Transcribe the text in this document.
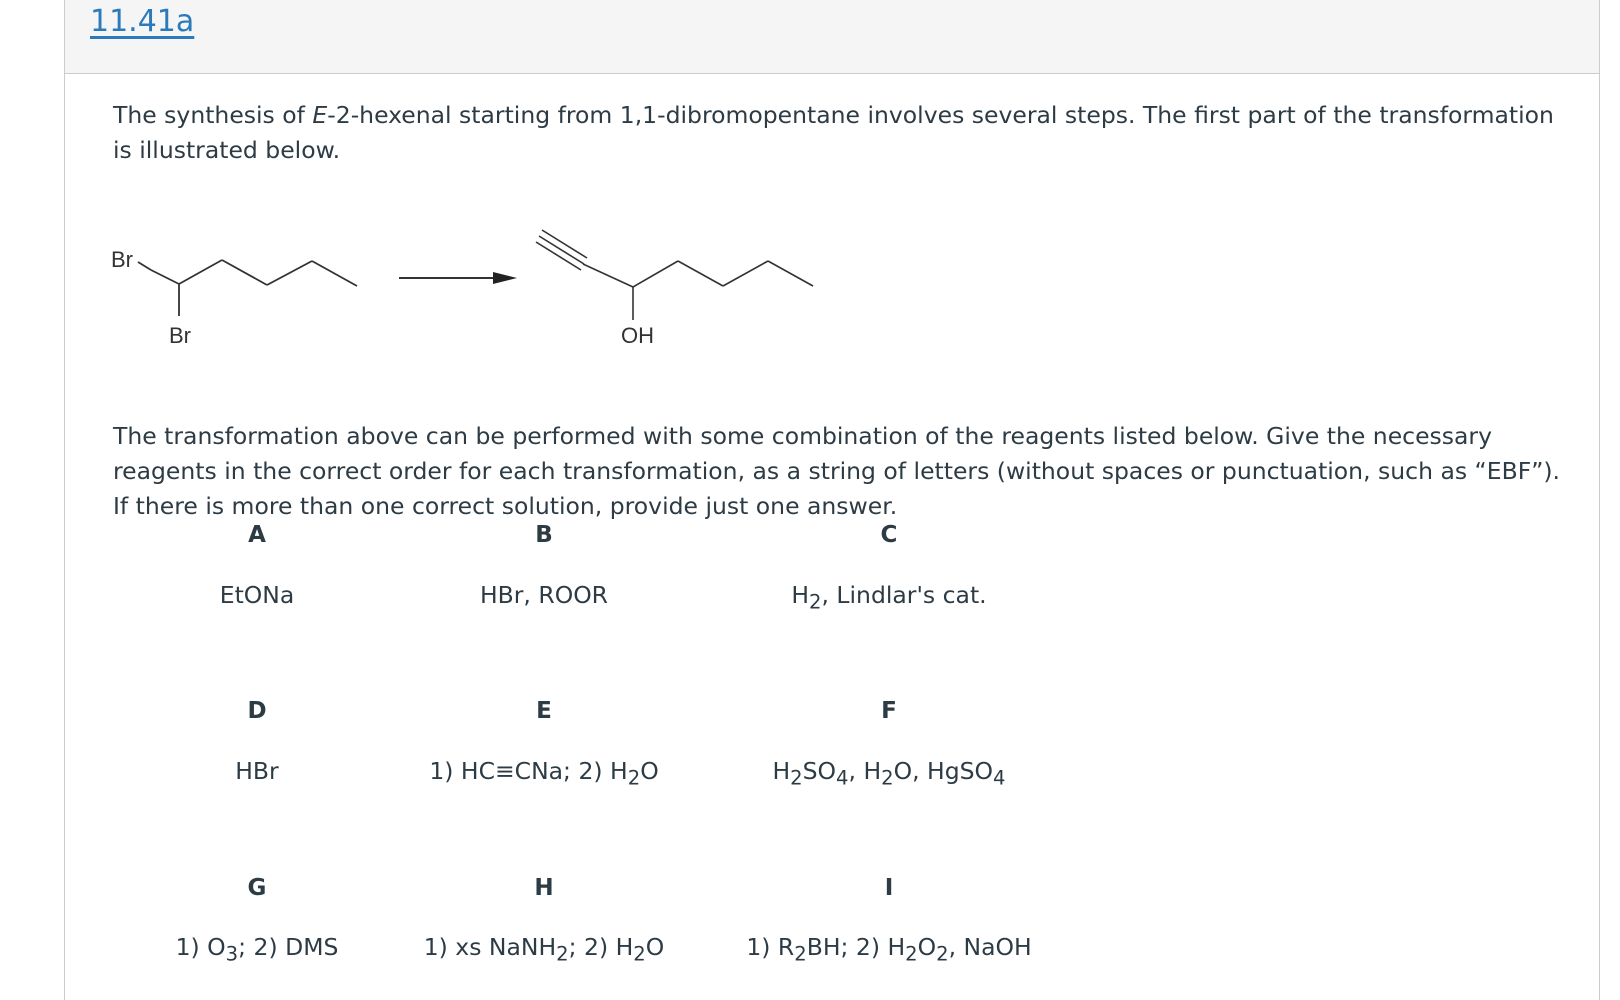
11.41a
The synthesis of E-2-hexenal starting from 1,1-dibromopentane involves several steps. The first part of the transformation is illustrated below.
Br
Br	OH
The transformation above can be performed with some combination of the reagents listed below. Give the necessary reagents in the correct order for each transformation, as a string of letters (without spaces or punctuation, such as “EBF”). If there is more than one correct solution, provide just one answer.
A
EtONa
B
HBr, ROOR
C
$H_2$, Lindlar's cat.
D
HBr
E
1) HC≡CNa; 2) $H_2O$
F
$H_2SO_4$, $H_2O$, HgSO$_4$
G
1) $O_3$; 2) DMS
H
1) xs NaNH$_2$; 2) $H_2O$
I
1) $R_2BH$; 2) $H_2O_2$, NaOH
